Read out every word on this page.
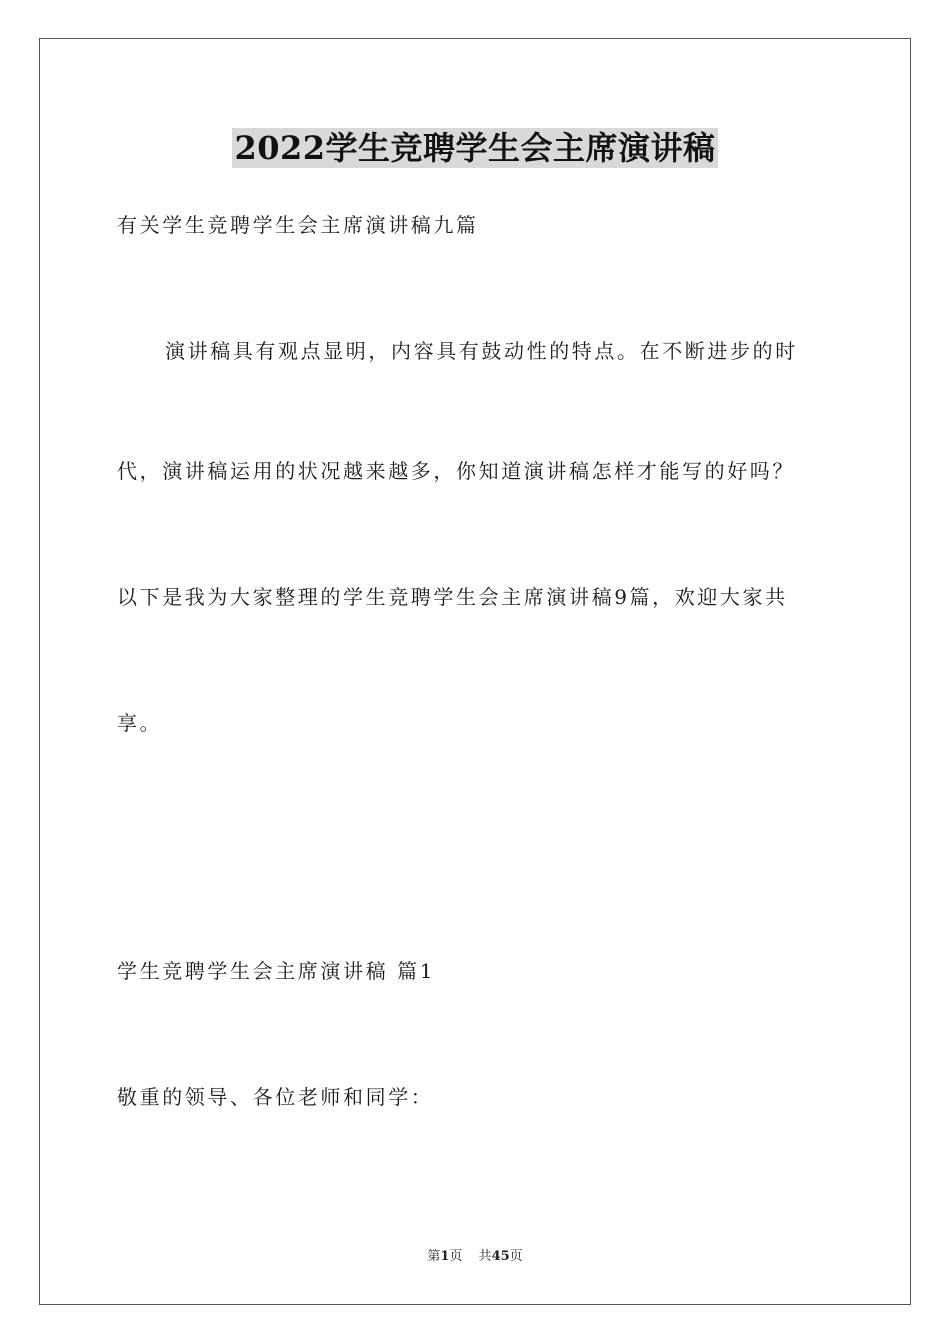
2022学生竞聘学生会主席演讲稿
有关学生竞聘学生会主席演讲稿九篇
演讲稿具有观点显明，内容具有鼓动性的特点。在不断进步的时
代，演讲稿运用的状况越来越多，你知道演讲稿怎样才能写的好吗？
以下是我为大家整理的学生竞聘学生会主席演讲稿9篇，欢迎大家共
享。
学生竞聘学生会主席演讲稿 篇1
敬重的领导、各位老师和同学：
第1页 共45页
